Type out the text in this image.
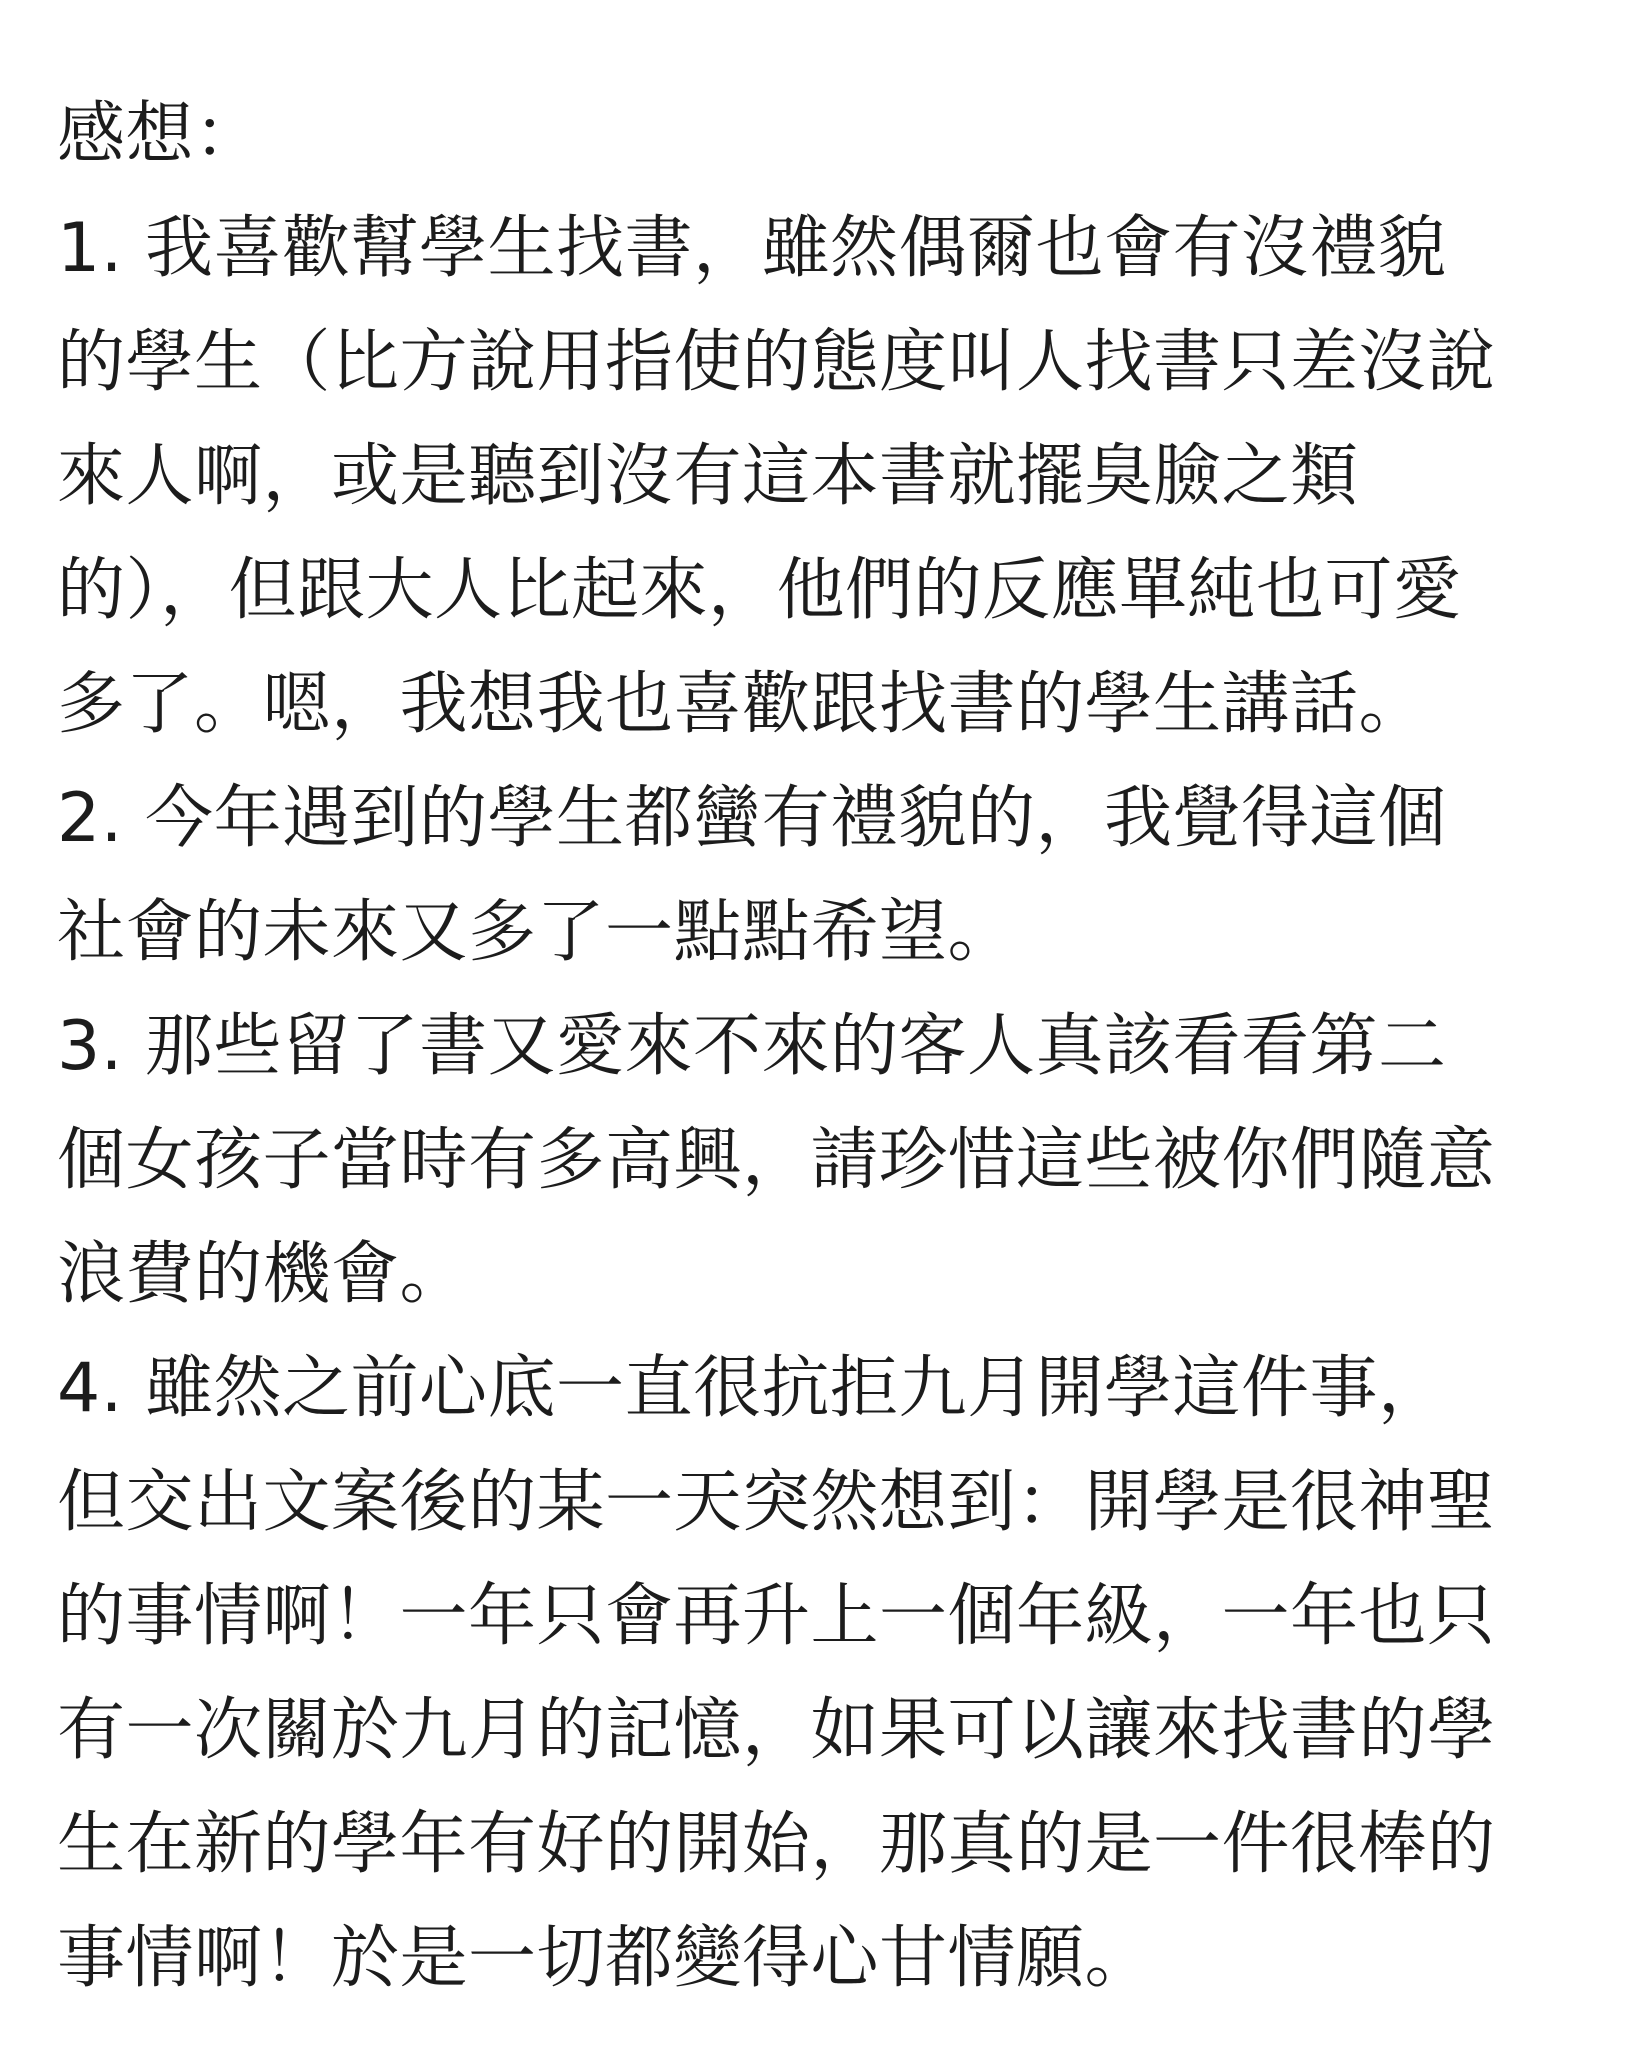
感想：
1. 我喜歡幫學生找書，雖然偶爾也會有沒禮貌
的學生（比方說用指使的態度叫人找書只差沒說
來人啊，或是聽到沒有這本書就擺臭臉之類
的），但跟大人比起來，他們的反應單純也可愛
多了。嗯，我想我也喜歡跟找書的學生講話。
2. 今年遇到的學生都蠻有禮貌的，我覺得這個
社會的未來又多了一點點希望。
3. 那些留了書又愛來不來的客人真該看看第二
個女孩子當時有多高興，請珍惜這些被你們隨意
浪費的機會。
4. 雖然之前心底一直很抗拒九月開學這件事，
但交出文案後的某一天突然想到：開學是很神聖
的事情啊！一年只會再升上一個年級，一年也只
有一次關於九月的記憶，如果可以讓來找書的學
生在新的學年有好的開始，那真的是一件很棒的
事情啊！於是一切都變得心甘情願。
